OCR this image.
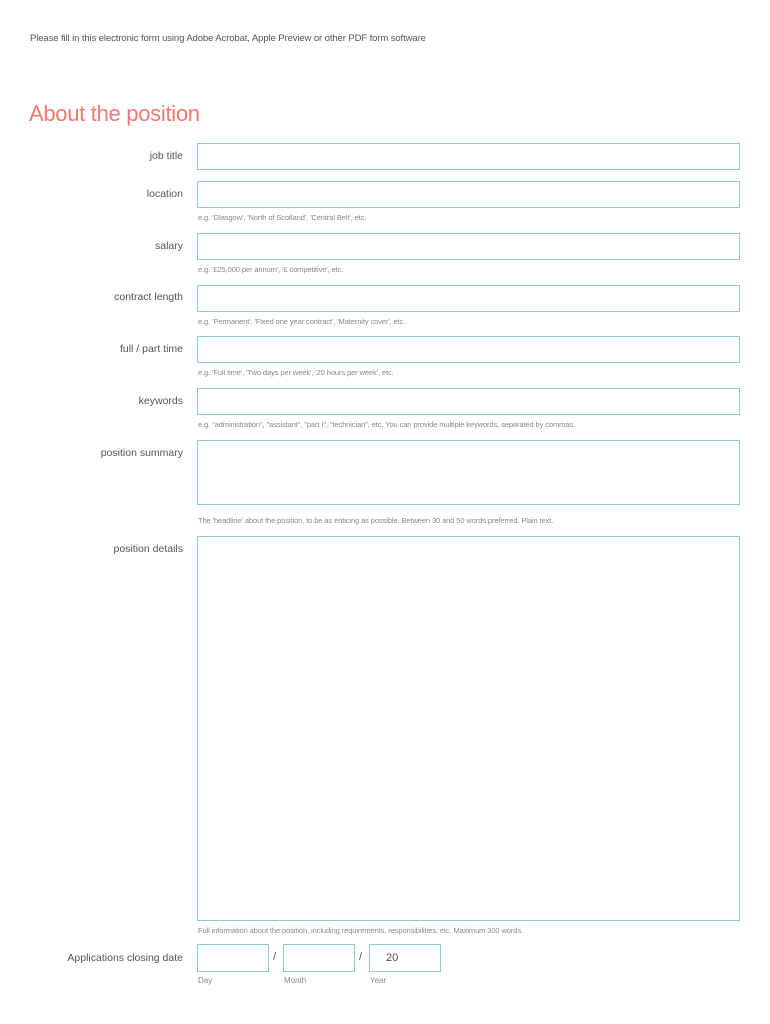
Please fill in this electronic form using Adobe Acrobat, Apple Preview or other PDF form software
About the position
job title
location
e.g. 'Glasgow', 'North of Scotland', 'Central Belt', etc.
salary
e.g. '£25,000 per annum', '£ competitive', etc.
contract length
e.g. 'Permanent', 'Fixed one year contract', 'Maternity cover', etc.
full / part time
e.g. 'Full time', 'Two days per week', '20 hours per week', etc.
keywords
e.g. "administration", "assistant", "part I", "technician", etc. You can provide multiple keywords, separated by commas.
position summary
The 'headline' about the position, to be as enticing as possible. Between 30 and 50 words preferred. Plain text.
position details
Full information about the position, including requirements, responsibilities, etc. Maximum 300 words.
Applications closing date	/	/	20
Day	Month	Year
